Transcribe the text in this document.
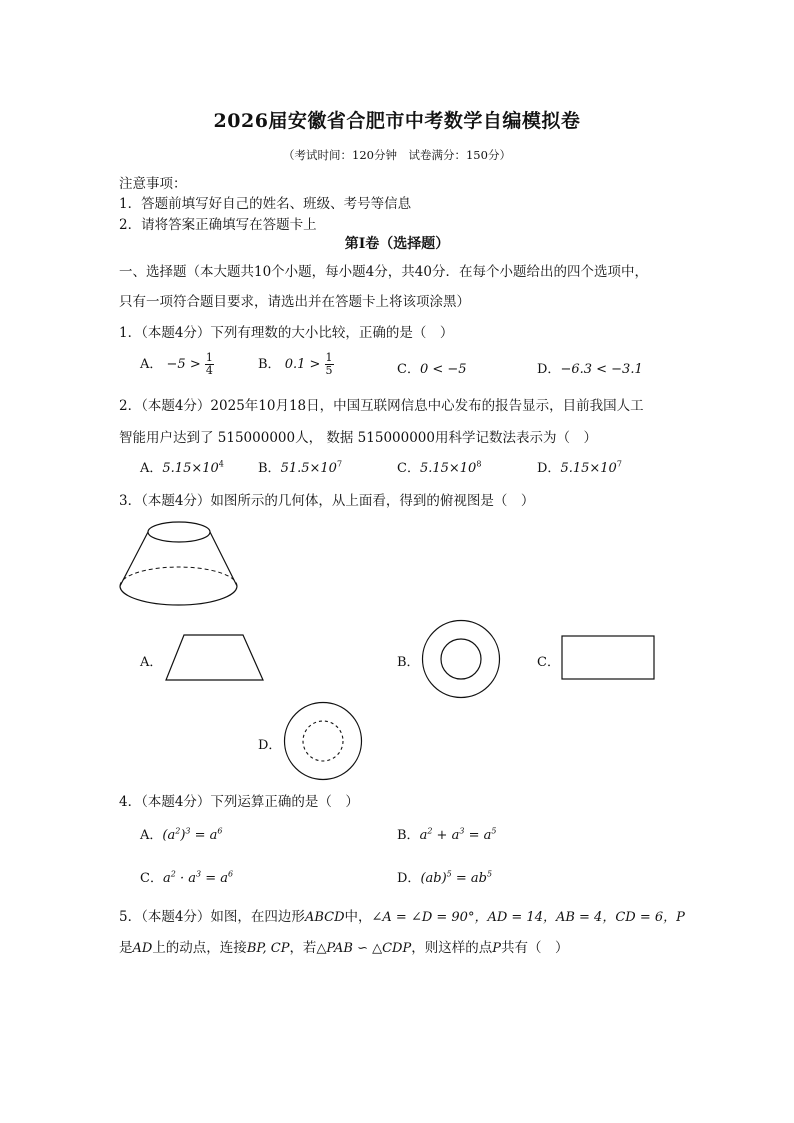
2026届安徽省合肥市中考数学自编模拟卷
（考试时间：120分钟　试卷满分：150分）
注意事项：
1．答题前填写好自己的姓名、班级、考号等信息
2．请将答案正确填写在答题卡上
第Ⅰ卷（选择题）
一、选择题（本大题共10个小题，每小题4分，共40分．在每个小题给出的四个选项中，
只有一项符合题目要求，请选出并在答题卡上将该项涂黑）
1．（本题4分）下列有理数的大小比较，正确的是（　）
A． $-5 > \frac{1}{4}$	B． $0.1 > \frac{1}{5}$	C．0 < −5	D．−6.3 < −3.1
2．（本题4分）2025年10月18日，中国互联网信息中心发布的报告显示，目前我国人工
智能用户达到了 515000000人， 数据 515000000用科学记数法表示为（　）
A．$5.15\times 10^4$	B．$51.5\times 10^7$	C．$5.15\times 10^8$	D．$5.15\times 10^7$
3．（本题4分）如图所示的几何体，从上面看，得到的俯视图是（　）
A．	B．	C．
D．
4．（本题4分）下列运算正确的是（　）
A．$(a^2)^3 = a^6$	B．$a^2 + a^3 = a^5$
C．$a^2 \cdot a^3 = a^6$	D．$(ab)^5 = ab^5$
5．（本题4分）如图，在四边形ABCD中，∠A = ∠D = 90°，AD = 14，AB = 4，CD = 6，P
是AD上的动点，连接BP, CP，若△PAB ∽ △CDP，则这样的点P共有（　）
